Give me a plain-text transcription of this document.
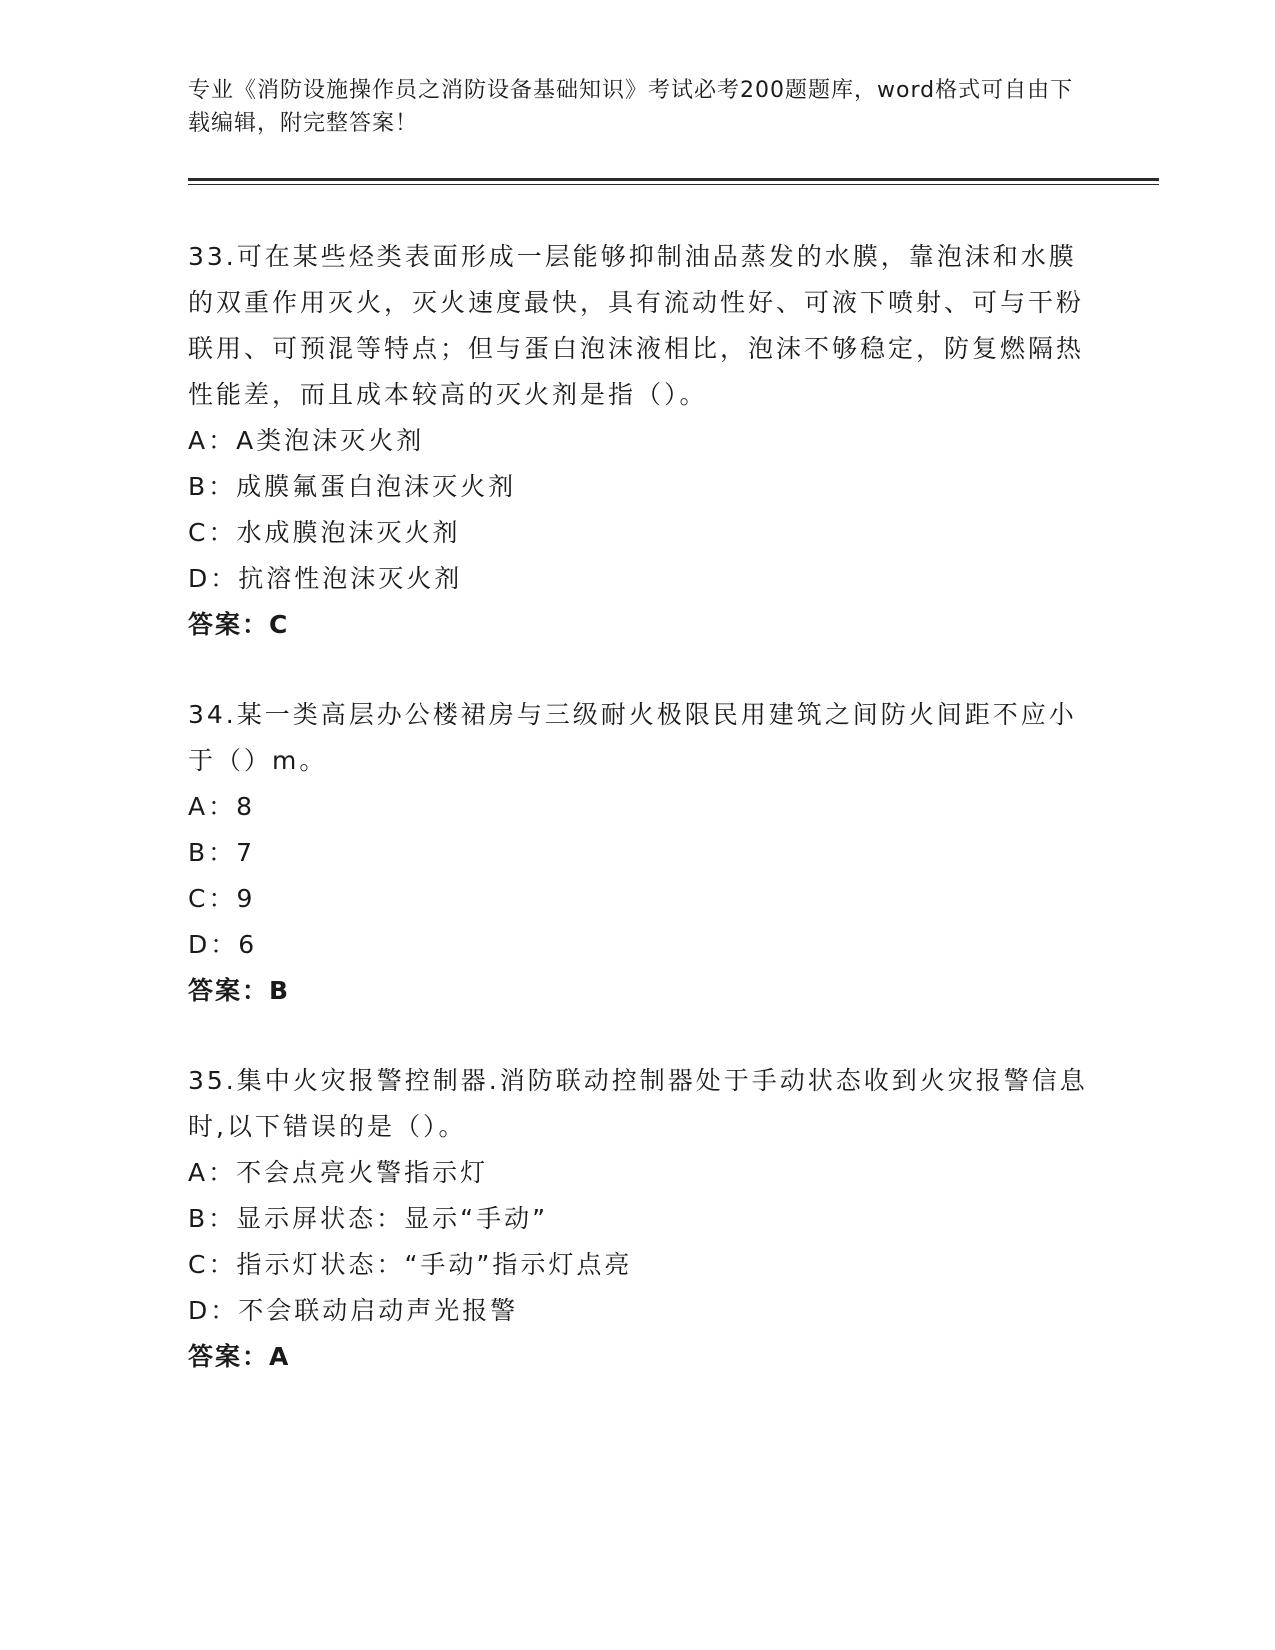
专业《消防设施操作员之消防设备基础知识》考试必考200题题库，word格式可自由下载编辑，附完整答案！

33.可在某些烃类表面形成一层能够抑制油品蒸发的水膜，靠泡沫和水膜的双重作用灭火，灭火速度最快，具有流动性好、可液下喷射、可与干粉联用、可预混等特点；但与蛋白泡沫液相比，泡沫不够稳定，防复燃隔热性能差，而且成本较高的灭火剂是指（）。

A：A类泡沫灭火剂

B：成膜氟蛋白泡沫灭火剂

C：水成膜泡沫灭火剂

D：抗溶性泡沫灭火剂

答案：C

34.某一类高层办公楼裙房与三级耐火极限民用建筑之间防火间距不应小于（）m。

A：8

B：7

C：9

D：6

答案：B

35.集中火灾报警控制器.消防联动控制器处于手动状态收到火灾报警信息时,以下错误的是（）。

A：不会点亮火警指示灯

B：显示屏状态：显示“手动”

C：指示灯状态：“手动”指示灯点亮

D：不会联动启动声光报警

答案：A
